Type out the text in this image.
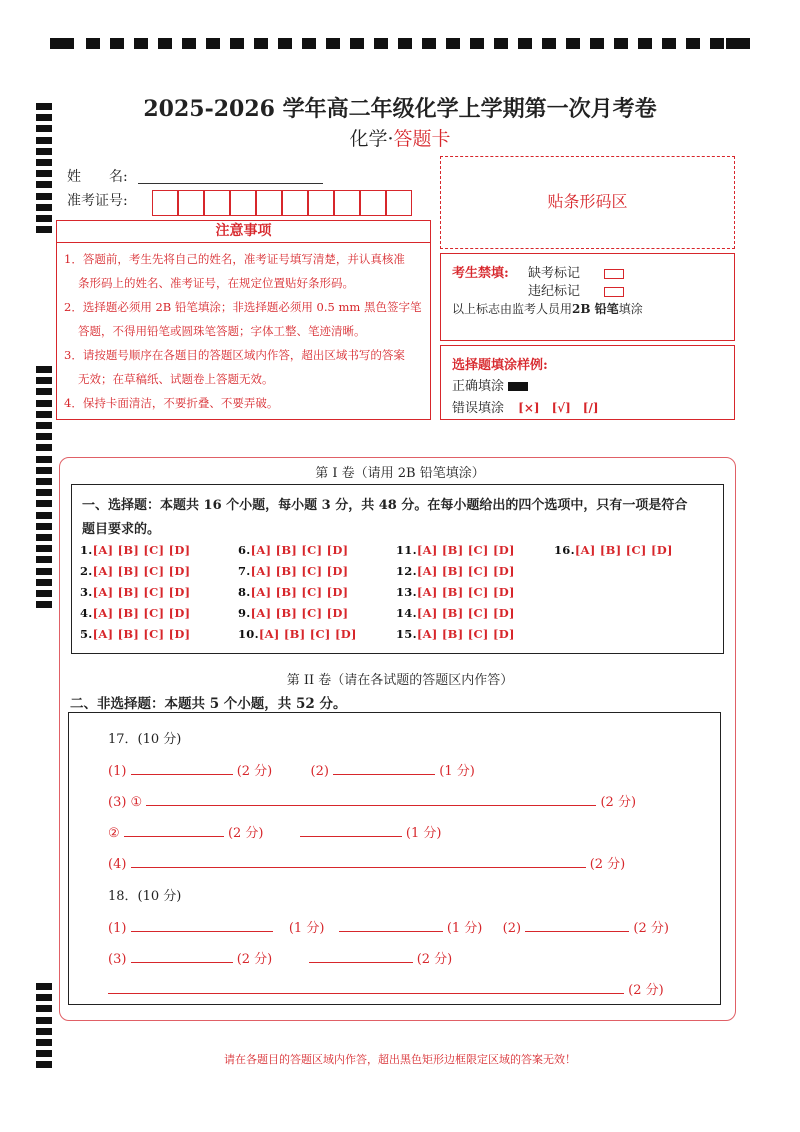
2025-2026 学年高二年级化学上学期第一次月考卷
化学·答题卡
姓　　名:
准考证号:	贴条形码区
注意事项
1．答题前，考生先将自己的姓名，准考证号填写清楚，并认真核准
条形码上的姓名、准考证号，在规定位置贴好条形码。
2．选择题必须用 2B 铅笔填涂；非选择题必须用 0.5 mm 黑色签字笔
答题，不得用铅笔或圆珠笔答题；字体工整、笔迹清晰。
3．请按题号顺序在各题目的答题区域内作答，超出区域书写的答案
无效；在草稿纸、试题卷上答题无效。
4．保持卡面清洁，不要折叠、不要弄破。
考生禁填: 缺考标记
违纪标记
以上标志由监考人员用2B 铅笔填涂
选择题填涂样例:
正确填涂
错误填涂 [×]　[√]　[/]
第 I 卷（请用 2B 铅笔填涂）
一、选择题：本题共 16 个小题，每小题 3 分，共 48 分。在每小题给出的四个选项中，只有一项是符合
题目要求的。
1.[A] [B] [C] [D]
2.[A] [B] [C] [D]
3.[A] [B] [C] [D]
4.[A] [B] [C] [D]
5.[A] [B] [C] [D]
6.[A] [B] [C] [D]
7.[A] [B] [C] [D]
8.[A] [B] [C] [D]
9.[A] [B] [C] [D]
10.[A] [B] [C] [D]
11.[A] [B] [C] [D]
12.[A] [B] [C] [D]
13.[A] [B] [C] [D]
14.[A] [B] [C] [D]
15.[A] [B] [C] [D]
16.[A] [B] [C] [D]
第 II 卷（请在各试题的答题区内作答）
二、非选择题：本题共 5 个小题，共 52 分。
17．(10 分)
(1)	(2 分)	(2)	(1 分)
(3) ①	(2 分)
②	(2 分)	(1 分)
(4)	(2 分)
18．(10 分)
(1)	(1 分)	(1 分) (2)	(2 分)
(3)	(2 分)	(2 分)
(2 分)
请在各题目的答题区域内作答，超出黑色矩形边框限定区域的答案无效！
